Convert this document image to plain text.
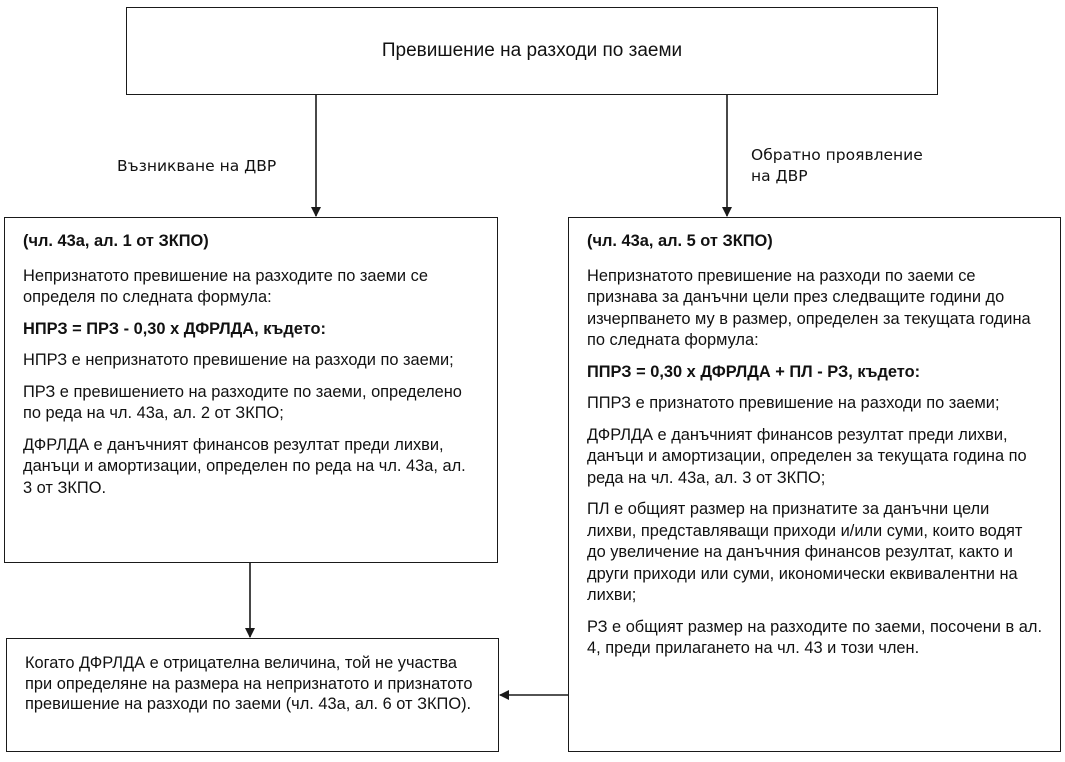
Превишение на разходи по заеми
Възникване на ДВР
Обратно проявление
на ДВР

(чл. 43а, ал. 1 от ЗКПО)

Непризнатото превишение на разходите по заеми се определя по следната формула:

НПРЗ = ПРЗ - 0,30 х ДФРЛДА, където:

НПРЗ е непризнатото превишение на разходи по заеми;

ПРЗ е превишението на разходите по заеми, определено по реда на чл. 43а, ал. 2 от ЗКПО;

ДФРЛДА е данъчният финансов резултат преди лихви, данъци и амортизации, определен по реда на чл. 43а, ал. 3 от ЗКПО.

(чл. 43а, ал. 5 от ЗКПО)

Непризнатото превишение на разходи по заеми се признава за данъчни цели през следващите години до изчерпването му в размер, определен за текущата година по следната формула:

ППРЗ = 0,30 х ДФРЛДА + ПЛ - РЗ, където:

ППРЗ е признатото превишение на разходи по заеми;

ДФРЛДА е данъчният финансов резултат преди лихви, данъци и амортизации, определен за текущата година по реда на чл. 43а, ал. 3 от ЗКПО;

ПЛ е общият размер на признатите за данъчни цели лихви, представляващи приходи и/или суми, които водят до увеличение на данъчния финансов резултат, както и други приходи или суми, икономически еквивалентни на лихви;

РЗ е общият размер на разходите по заеми, посочени в ал. 4, преди прилагането на чл. 43 и този член.

Когато ДФРЛДА е отрицателна величина, той не участва при определяне на размера на непризнатото и признатото превишение на разходи по заеми (чл. 43а, ал. 6 от ЗКПО).
